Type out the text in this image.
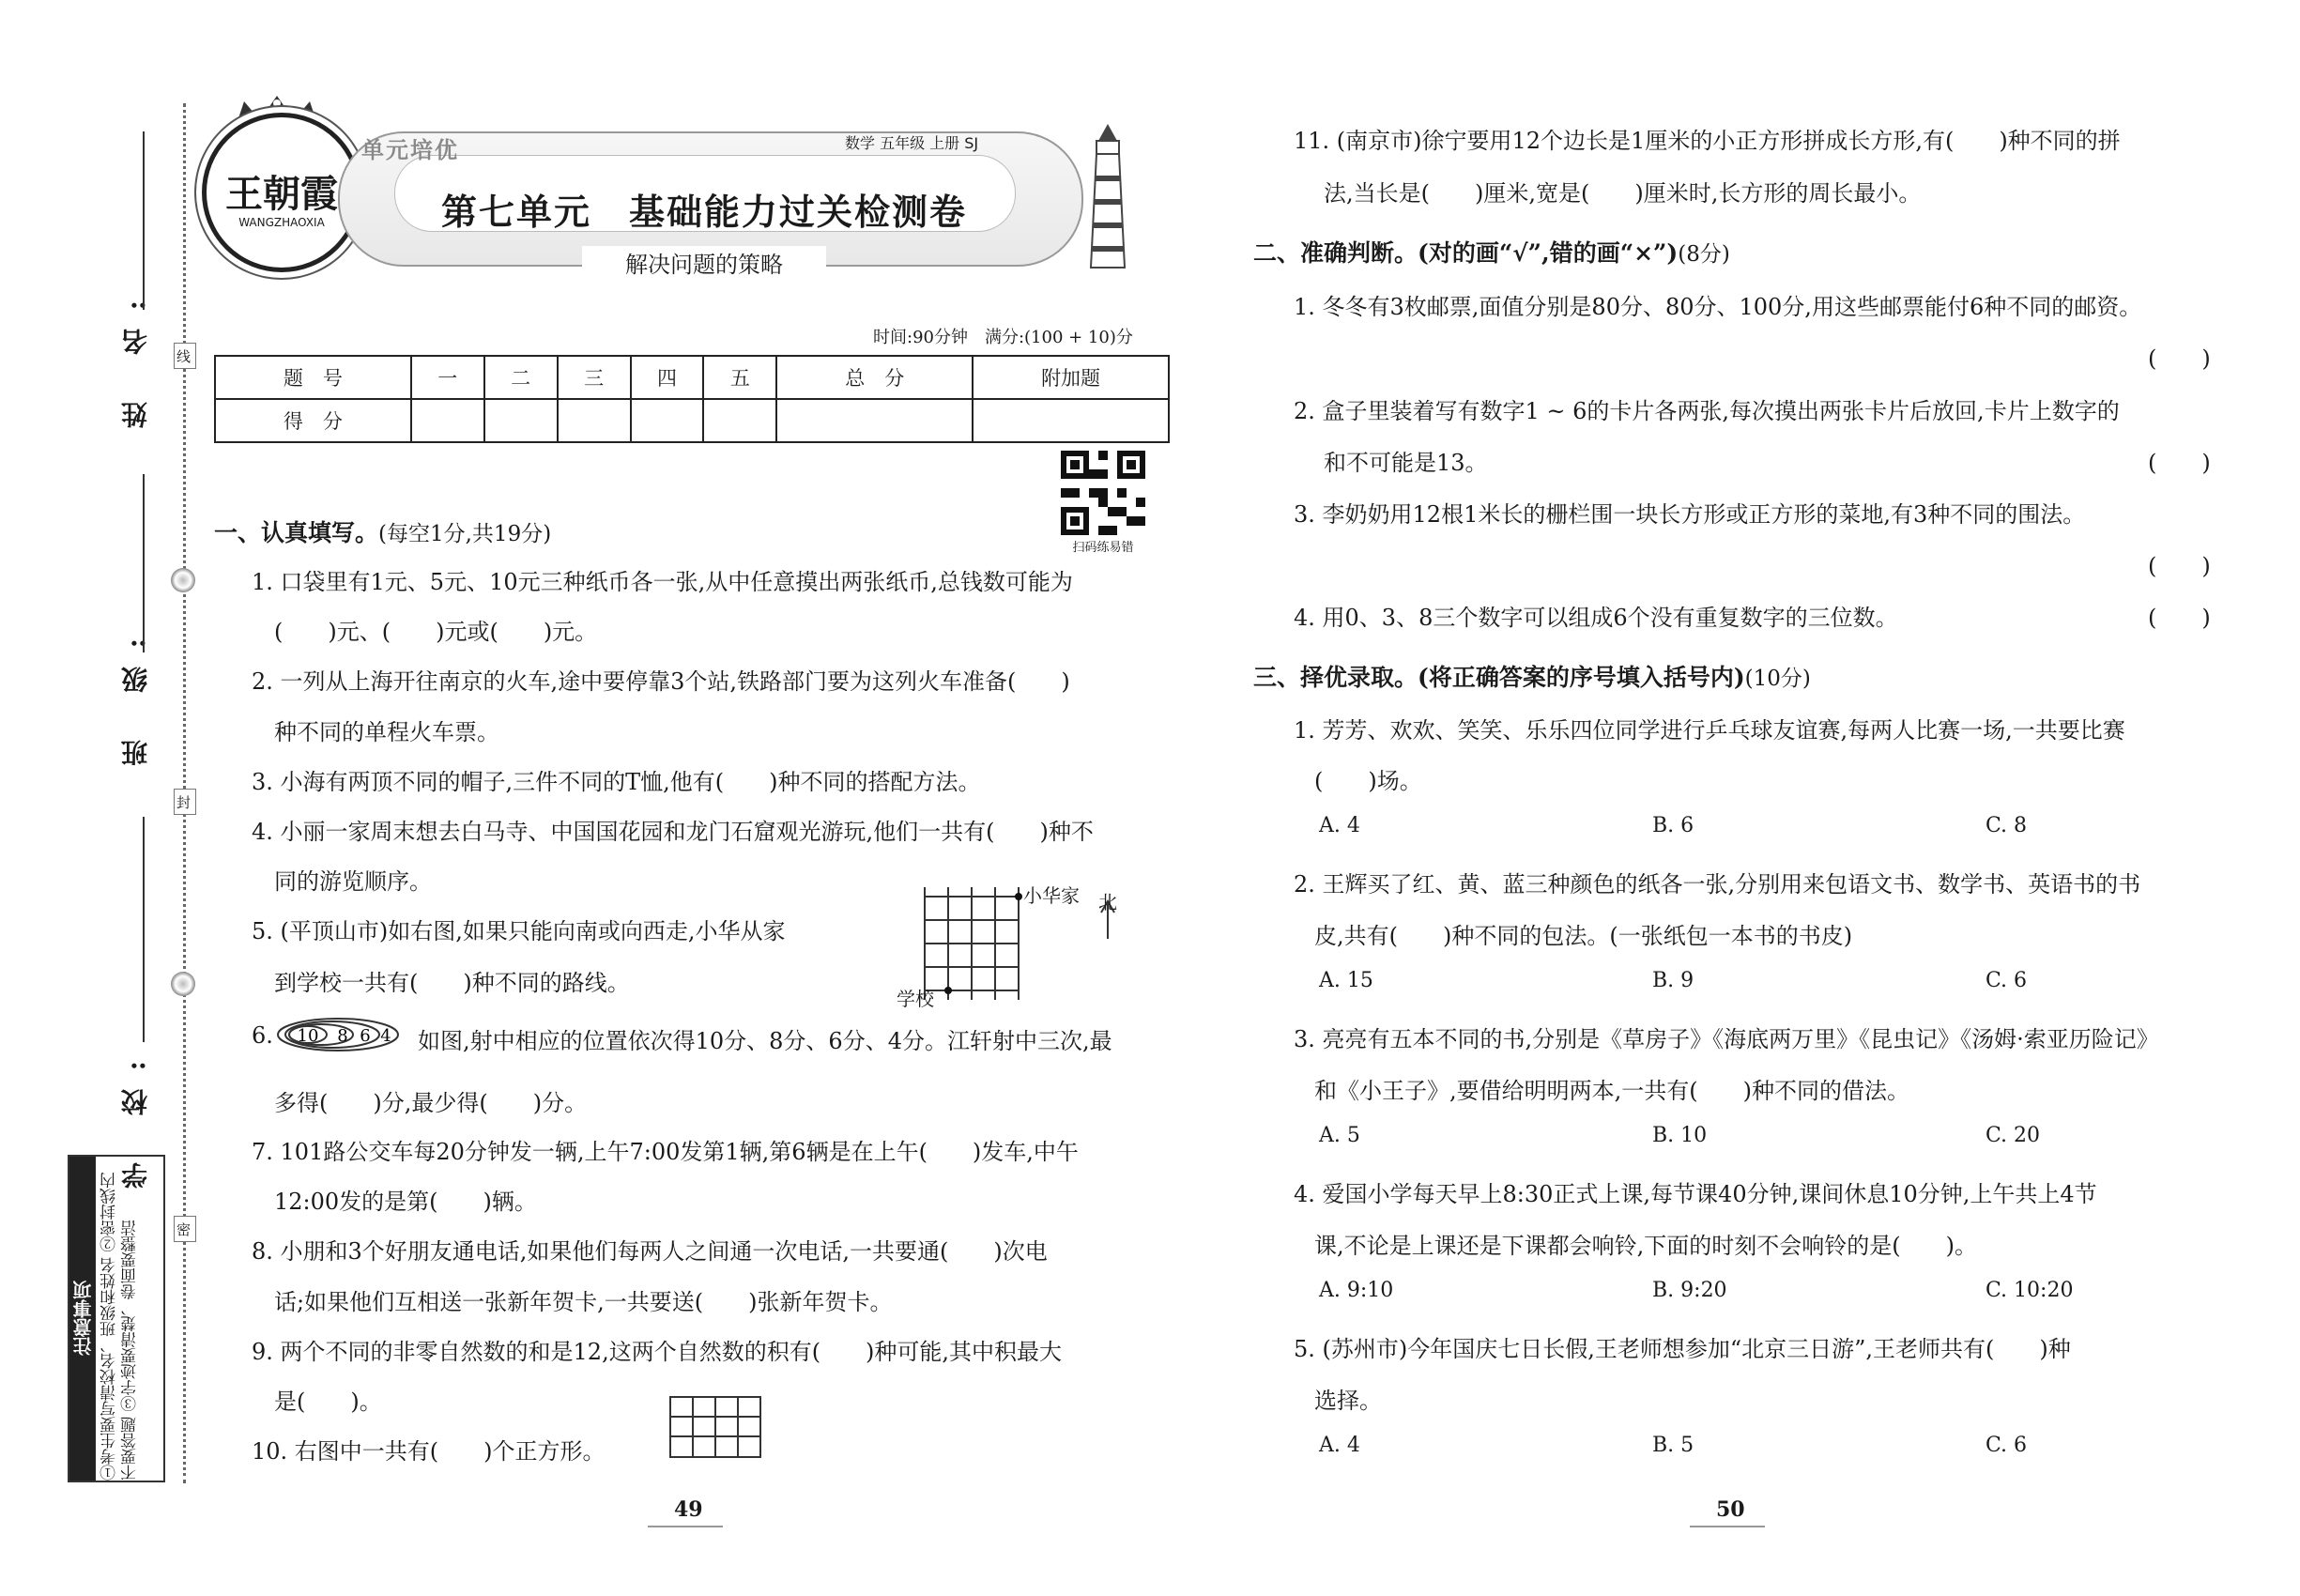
线
封
密
姓 名:
班 级:
学 校:
注意事项 ①考生要写清校名、班级和姓名 ②密封线内不要答题 ③字迹要清楚、卷面要整洁
王朝霞
WANGZHAOXIA
单元培优	数学 五年级 上册 SJ
第七单元　基础能力过关检测卷
解决问题的策略
时间:90分钟　满分:(100 + 10)分
题　号	一	二	三	四	五	总　分	附加题
得　分							
扫码练易错
一、认真填写。(每空1分,共19分)
1. 口袋里有1元、5元、10元三种纸币各一张,从中任意摸出两张纸币,总钱数可能为
(　　)元、(　　)元或(　　)元。
2. 一列从上海开往南京的火车,途中要停靠3个站,铁路部门要为这列火车准备(　　)
种不同的单程火车票。
3. 小海有两顶不同的帽子,三件不同的T恤,他有(　　)种不同的搭配方法。
4. 小丽一家周末想去白马寺、中国国花园和龙门石窟观光游玩,他们一共有(　　)种不
同的游览顺序。
5. (平顶山市)如右图,如果只能向南或向西走,小华从家
到学校一共有(　　)种不同的路线。
小华家 北
学校
6. 10 8 6 4 如图,射中相应的位置依次得10分、8分、6分、4分。江轩射中三次,最
多得(　　)分,最少得(　　)分。
7. 101路公交车每20分钟发一辆,上午7:00发第1辆,第6辆是在上午(　　)发车,中午
12:00发的是第(　　)辆。
8. 小朋和3个好朋友通电话,如果他们每两人之间通一次电话,一共要通(　　)次电
话;如果他们互相送一张新年贺卡,一共要送(　　)张新年贺卡。
9. 两个不同的非零自然数的和是12,这两个自然数的积有(　　)种可能,其中积最大
是(　　)。
10. 右图中一共有(　　)个正方形。
49
11. (南京市)徐宁要用12个边长是1厘米的小正方形拼成长方形,有(　　)种不同的拼
法,当长是(　　)厘米,宽是(　　)厘米时,长方形的周长最小。
二、准确判断。(对的画“√”,错的画“×”)(8分)
1. 冬冬有3枚邮票,面值分别是80分、80分、100分,用这些邮票能付6种不同的邮资。
(　　)
2. 盒子里装着写有数字1 ~ 6的卡片各两张,每次摸出两张卡片后放回,卡片上数字的
和不可能是13。	(　　)
3. 李奶奶用12根1米长的栅栏围一块长方形或正方形的菜地,有3种不同的围法。
(　　)
4. 用0、3、8三个数字可以组成6个没有重复数字的三位数。	(　　)
三、择优录取。(将正确答案的序号填入括号内)(10分)
1. 芳芳、欢欢、笑笑、乐乐四位同学进行乒乓球友谊赛,每两人比赛一场,一共要比赛
(　　)场。
A. 4	B. 6	C. 8
2. 王辉买了红、黄、蓝三种颜色的纸各一张,分别用来包语文书、数学书、英语书的书
皮,共有(　　)种不同的包法。(一张纸包一本书的书皮)
A. 15	B. 9	C. 6
3. 亮亮有五本不同的书,分别是《草房子》《海底两万里》《昆虫记》《汤姆·索亚历险记》
和《小王子》,要借给明明两本,一共有(　　)种不同的借法。
A. 5	B. 10	C. 20
4. 爱国小学每天早上8:30正式上课,每节课40分钟,课间休息10分钟,上午共上4节
课,不论是上课还是下课都会响铃,下面的时刻不会响铃的是(　　)。
A. 9:10	B. 9:20	C. 10:20
5. (苏州市)今年国庆七日长假,王老师想参加“北京三日游”,王老师共有(　　)种
选择。
A. 4	B. 5	C. 6
50
